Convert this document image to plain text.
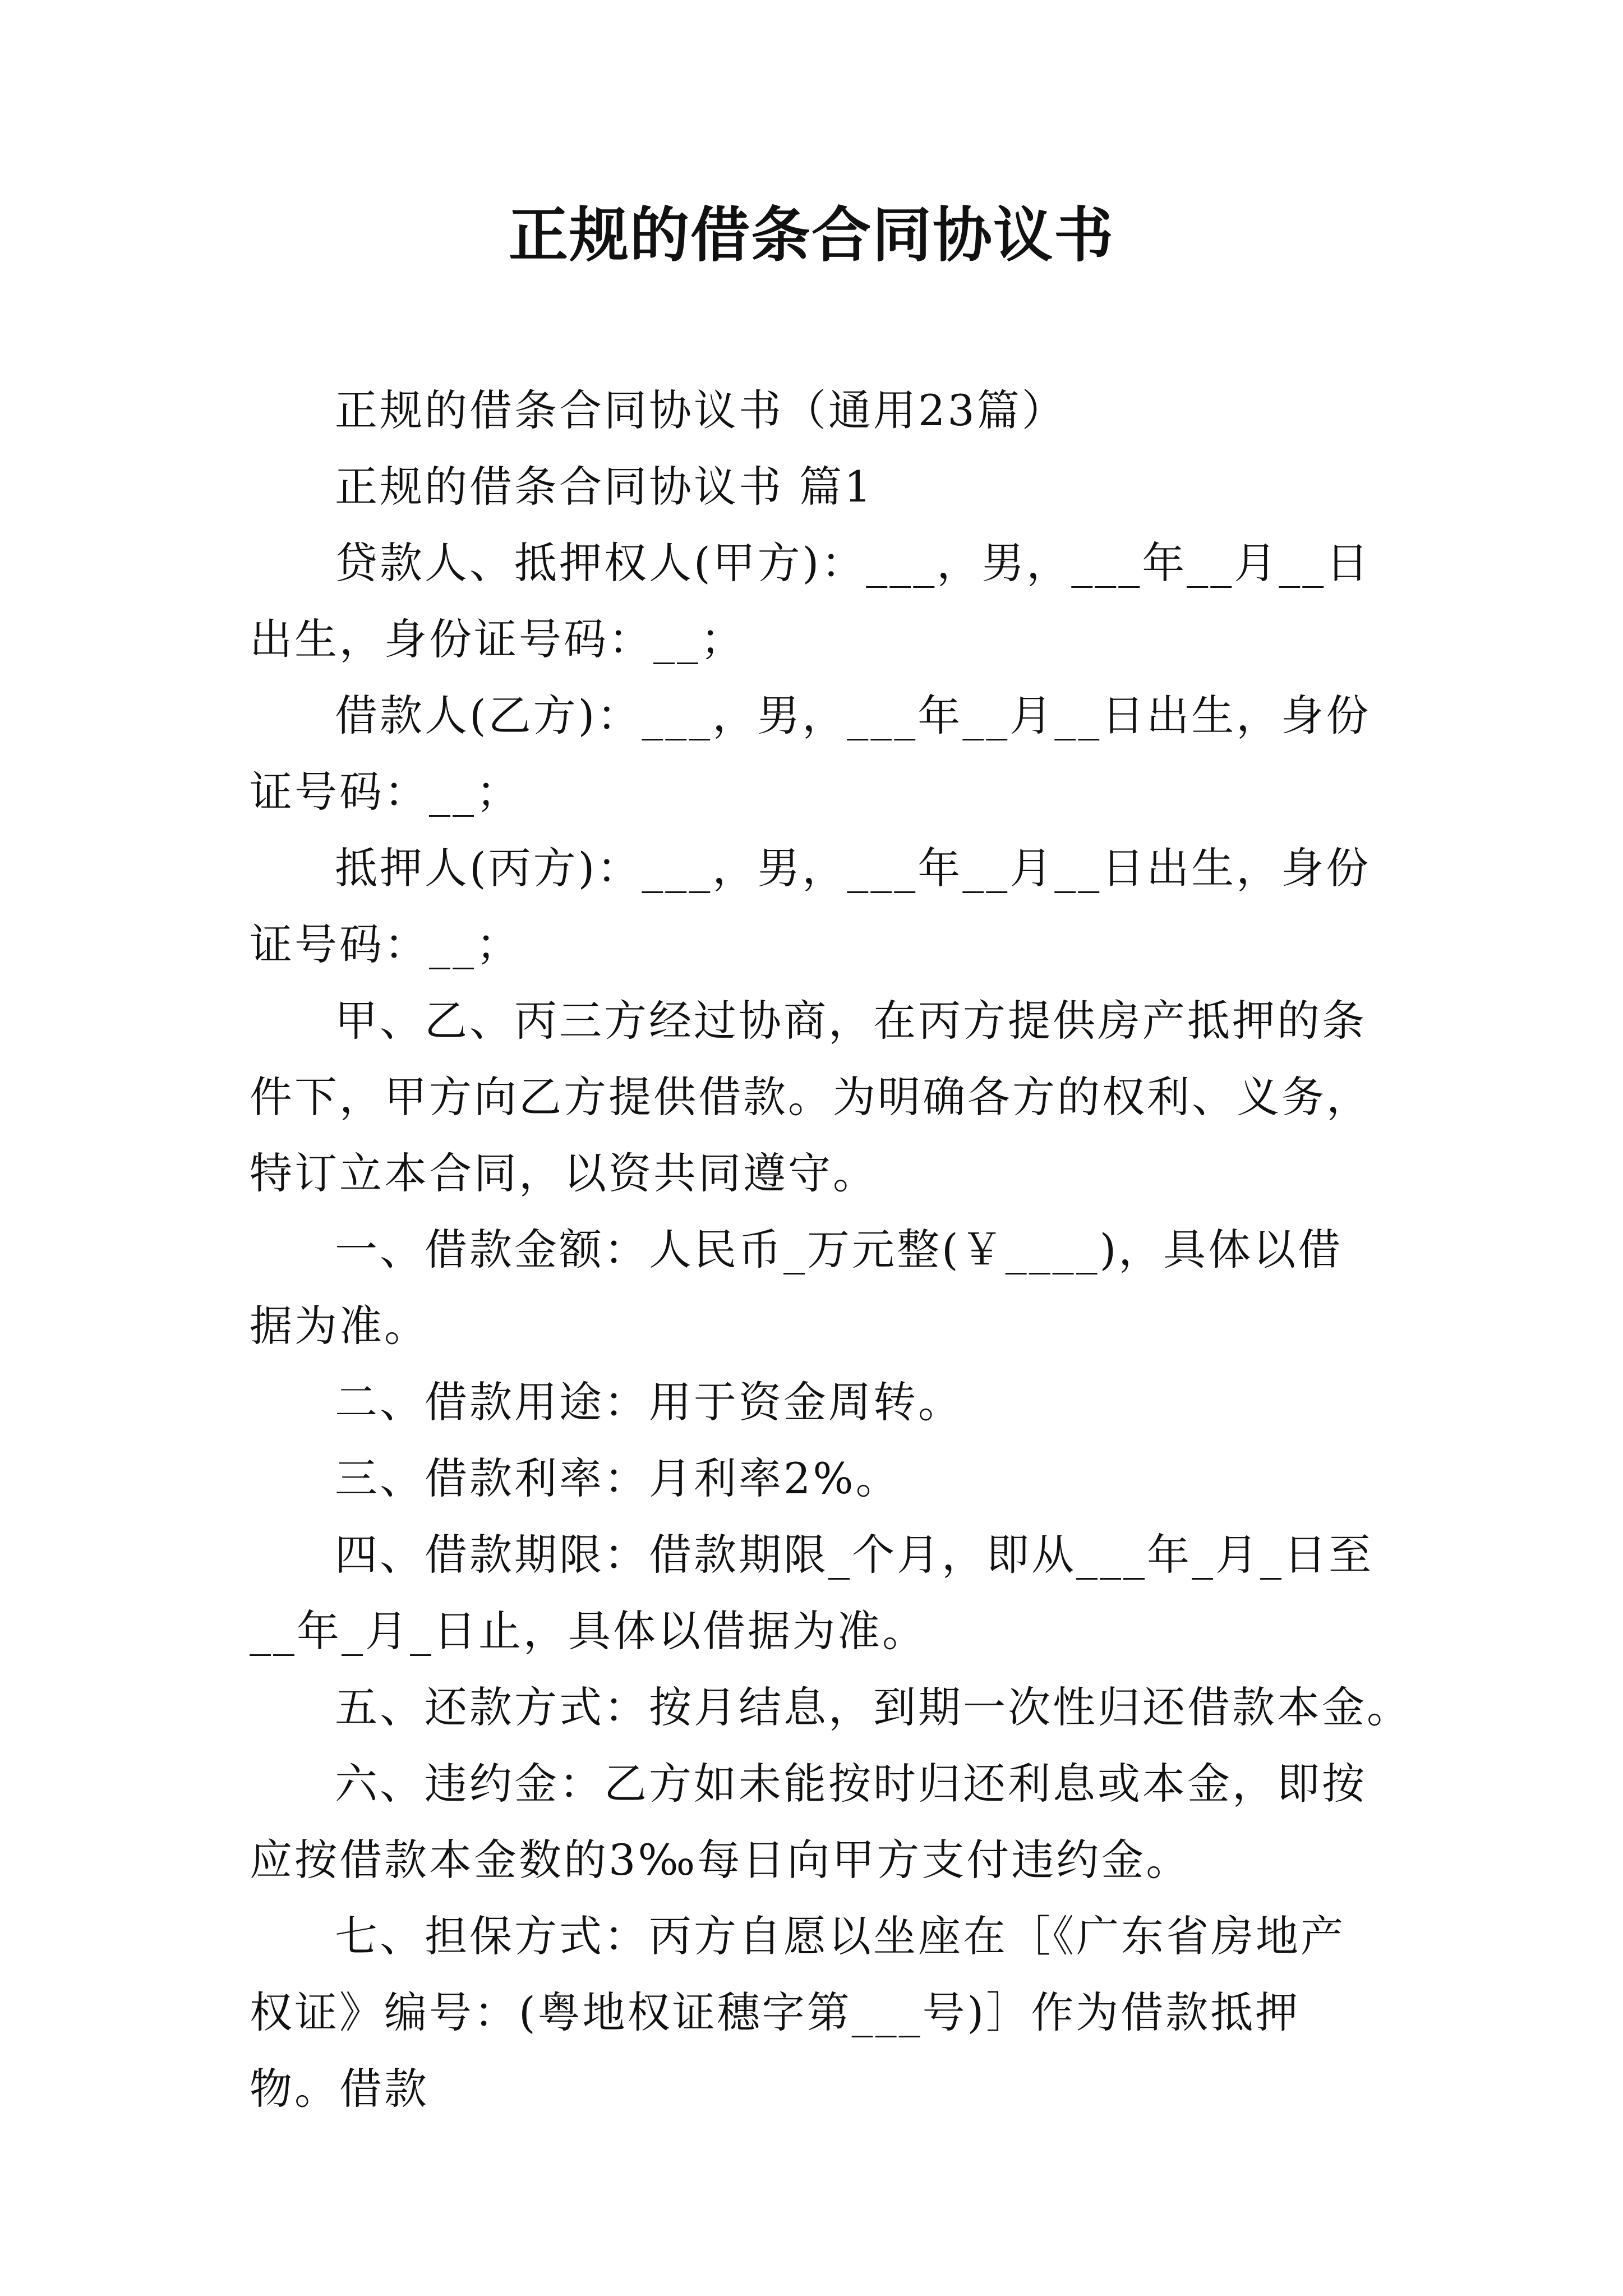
正规的借条合同协议书

正规的借条合同协议书（通用23篇）

正规的借条合同协议书 篇1

贷款人、抵押权人(甲方)：___，男，___年__月__日出生，身份证号码：__；

借款人(乙方)：___，男，___年__月__日出生，身份证号码：__；

抵押人(丙方)：___，男，___年__月__日出生，身份证号码：__；

甲、乙、丙三方经过协商，在丙方提供房产抵押的条件下，甲方向乙方提供借款。为明确各方的权利、义务，特订立本合同，以资共同遵守。

一、借款金额：人民币_万元整(￥____)，具体以借据为准。

二、借款用途：用于资金周转。

三、借款利率：月利率2%。

四、借款期限：借款期限_个月，即从___年_月_日至__年_月_日止，具体以借据为准。

五、还款方式：按月结息，到期一次性归还借款本金。

六、违约金：乙方如未能按时归还利息或本金，即按应按借款本金数的3‰每日向甲方支付违约金。

七、担保方式：丙方自愿以坐座在［《广东省房地产权证》编号：(粤地权证穗字第___号)］作为借款抵押物。借款
